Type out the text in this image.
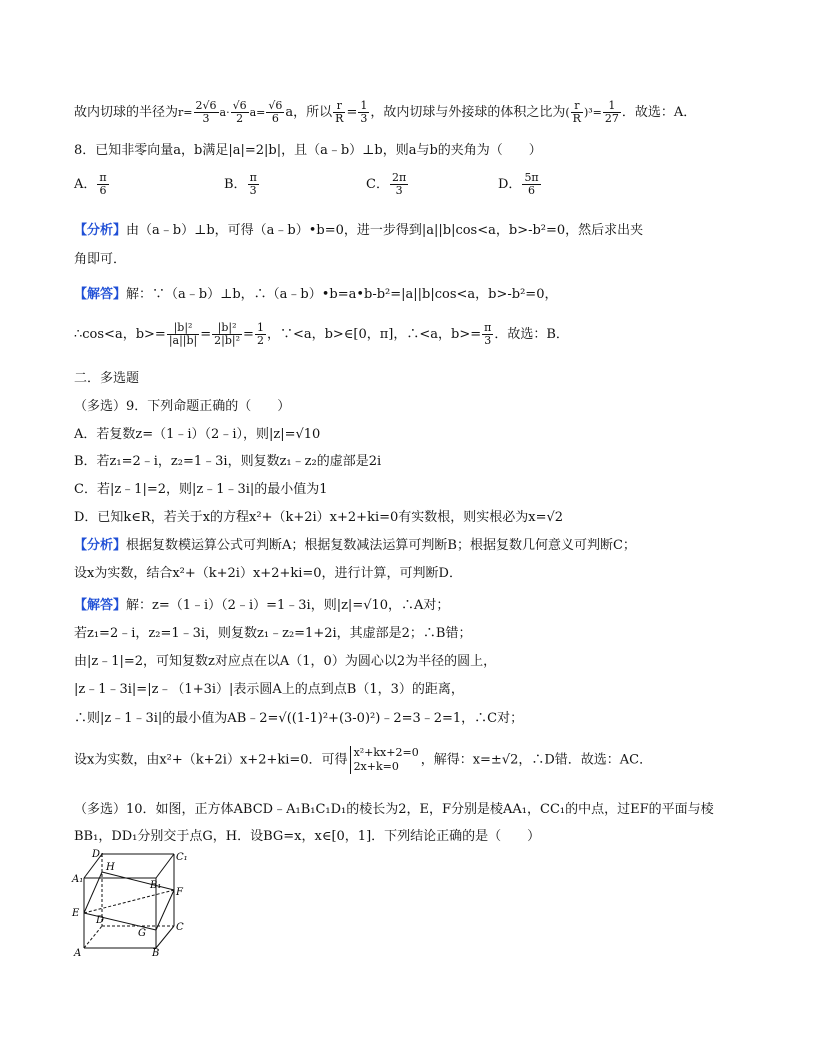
故内切球的半径为$r= \frac{2√6}{3} a\cdot \frac{√6}{2} a= \frac{√6}{6}$ a，所以 $\frac{r}{R} = \frac{1}{3}$ ，故内切球与外接球的体积之比为( $\frac{r}{R} )^3= \frac{1}{27}$ ．故选：A．
8．已知非零向量a，b满足|a|=2|b|，且（a﹣b）⊥b，则a与b的夹角为（　　）
A． $\frac{\pi}{6}$	B． $\frac{\pi}{3}$	C． $\frac{2\pi}{3}$	D． $\frac{5\pi}{6}$
【分析】由（a﹣b）⊥b，可得（a﹣b）•b=0，进一步得到|a||b|cos<a，b>-b²=0，然后求出夹
角即可．
【解答】解：∵（a﹣b）⊥b，∴（a﹣b）•b=a•b-b²=|a||b|cos<a，b>-b²=0，
∴cos<a，$b>= \frac{\text{|b|²}}{|a||b|} = \frac{\text{|b|²}}{\text{2|b|²}} = \frac{1}{2}$ ，∵<a，b>∈[0，π]，∴<a，$b>= \frac{\pi}{3}$ ．故选：B．
二．多选题
（多选）9．下列命题正确的（　　）
A．若复数z=（1﹣i）（2﹣i），则|z|=√10
B．若z₁=2﹣i，z₂=1﹣3i，则复数z₁﹣z₂的虚部是2i
C．若|z﹣1|=2，则|z﹣1﹣3i|的最小值为1
D．已知k∈R，若关于x的方程x²+（k+2i）x+2+ki=0有实数根，则实根必为x=√2
【分析】根据复数模运算公式可判断A；根据复数减法运算可判断B；根据复数几何意义可判断C；
设x为实数，结合x²+（k+2i）x+2+ki=0，进行计算，可判断D．
【解答】解：z=（1﹣i）（2﹣i）=1﹣3i，则|z|=√10，∴A对；
若z₁=2﹣i，z₂=1﹣3i，则复数z₁﹣z₂=1+2i，其虚部是2；∴B错；
由|z﹣1|=2，可知复数z对应点在以A（1，0）为圆心以2为半径的圆上，
|z﹣1﹣3i|=|z﹣（1+3i）|表示圆A上的点到点B（1，3）的距离，
∴则|z﹣1﹣3i|的最小值为AB﹣2=√((1-1)²+(3-0)²)﹣2=3﹣2=1，∴C对；
设x为实数，由x²+（k+2i）x+2+ki=0．可得 x²+kx+2=0
2x+k=0	，解得：x=±√2，∴D错．故选：AC．
（多选）10．如图，正方体ABCD﹣A₁B₁C₁D₁的棱长为2，E，F分别是棱AA₁，CC₁的中点，过EF的平面与棱
BB₁，DD₁分别交于点G，H．设BG=x，x∈[0，1]．下列结论正确的是（　　）
D₁	C₁
A₁
B₁
H
F
E
D
G
C
A	B
